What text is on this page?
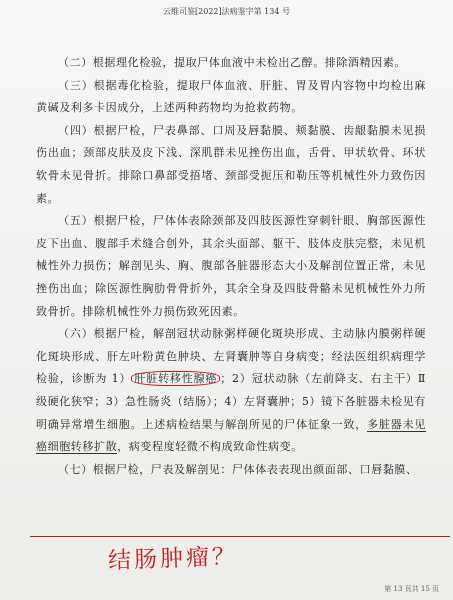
云维司鉴[2022]法病鉴字第 134 号

（二）根据理化检验，提取尸体血液中未检出乙醇。排除酒精因素。

（三）根据毒化检验，提取尸体血液、肝脏、胃及胃内容物中均检出麻黄碱及利多卡因成分，上述两种药物均为抢救药物。

（四）根据尸检，尸表鼻部、口周及唇黏膜、颊黏膜、齿龈黏膜未见损伤出血；颈部皮肤及皮下浅、深肌群未见挫伤出血，舌骨、甲状软骨、环状软骨未见骨折。排除口鼻部受捂堵、颈部受扼压和勒压等机械性外力致伤因素。

（五）根据尸检，尸体体表除颈部及四肢医源性穿刺针眼、胸部医源性皮下出血、腹部手术缝合创外，其余头面部、躯干、肢体皮肤完整，未见机械性外力损伤；解剖见头、胸、腹部各脏器形态大小及解剖位置正常，未见挫伤出血；除医源性胸肋骨骨折外，其余全身及四肢骨骼未见机械性外力所致骨折。排除机械性外力损伤致死因素。

（六）根据尸检，解剖冠状动脉粥样硬化斑块形成、主动脉内膜粥样硬化斑块形成、肝左叶粉黄色肿块、左肾囊肿等自身病变；经法医组织病理学检验，诊断为 1） 肝脏转移性腺癌 ；2）冠状动脉（左前降支、右主干）Ⅱ级硬化狭窄；3）急性肠炎（结肠）；4）左肾囊肿；5）镜下各脏器未检见有明确异常增生细胞。上述病检结果与解剖所见的尸体征象一致，多脏器未见癌细胞转移扩散，病变程度轻微不构成致命性病变。

（七）根据尸检，尸表及解剖见：尸体体表表现出颜面部、口唇黏膜、

结肠肿瘤？
第 13 页共 15 页
